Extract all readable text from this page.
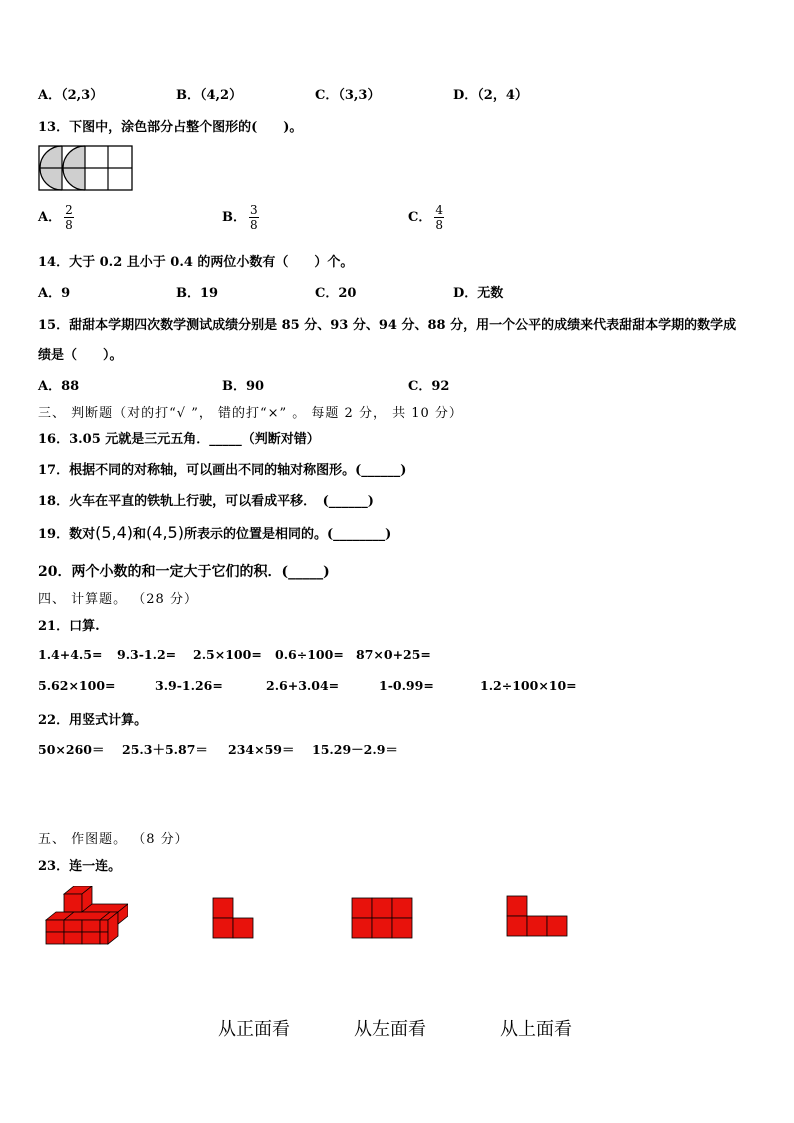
A．（2,3）	B．（4,2）	C．（3,3）	D．（2，4）
13．下图中，涂色部分占整个图形的(　　)。
A． $\frac{2}{8}$	B． $\frac{3}{8}$	C． $\frac{4}{8}$
14．大于 0.2 且小于 0.4 的两位小数有（　　）个。
A．9	B．19	C．20	D．无数
15．甜甜本学期四次数学测试成绩分别是 85 分、93 分、94 分、88 分，用一个公平的成绩来代表甜甜本学期的数学成
绩是（　　）。
A．88	B．90	C．92
三、 判断题（对的打“√ ”， 错的打“×” 。 每题 2 分， 共 10 分）
16．3.05 元就是三元五角．_____（判断对错）
17．根据不同的对称轴，可以画出不同的轴对称图形。(______)
18．火车在平直的铁轨上行驶，可以看成平移．　(______)
19．数对(5,4)和(4,5)所表示的位置是相同的。(________)
20．两个小数的和一定大于它们的积．(_____)
四、 计算题。 （28 分）
21．口算.
1.4+4.5= 9.3-1.2= 2.5×100= 0.6÷100= 87×0+25=
5.62×100=	3.9-1.26=	2.6+3.04=	1-0.99=	1.2÷100×10=
22．用竖式计算。
50×260＝ 25.3＋5.87＝ 234×59＝ 15.29－2.9＝
五、 作图题。 （8 分）
23．连一连。
从正面看	从左面看	从上面看
